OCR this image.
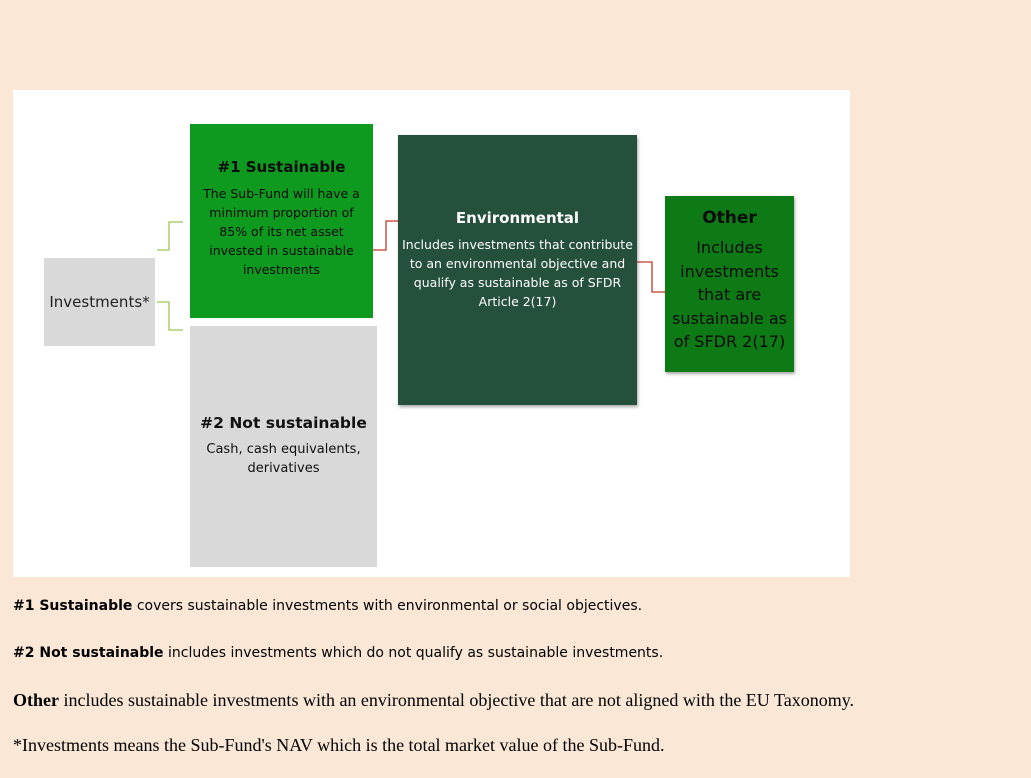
Investments*
#1 Sustainable
The Sub-Fund will have a minimum proportion of 85% of its net asset invested in sustainable investments
#2 Not sustainable
Cash, cash equivalents, derivatives
Environmental
Includes investments that contribute to an environmental objective and qualify as sustainable as of SFDR Article 2(17)
Other
Includes investments that are sustainable as of SFDR 2(17)
#1 Sustainable covers sustainable investments with environmental or social objectives.
#2 Not sustainable includes investments which do not qualify as sustainable investments.
Other includes sustainable investments with an environmental objective that are not aligned with the EU Taxonomy.
*Investments means the Sub-Fund's NAV which is the total market value of the Sub-Fund.
